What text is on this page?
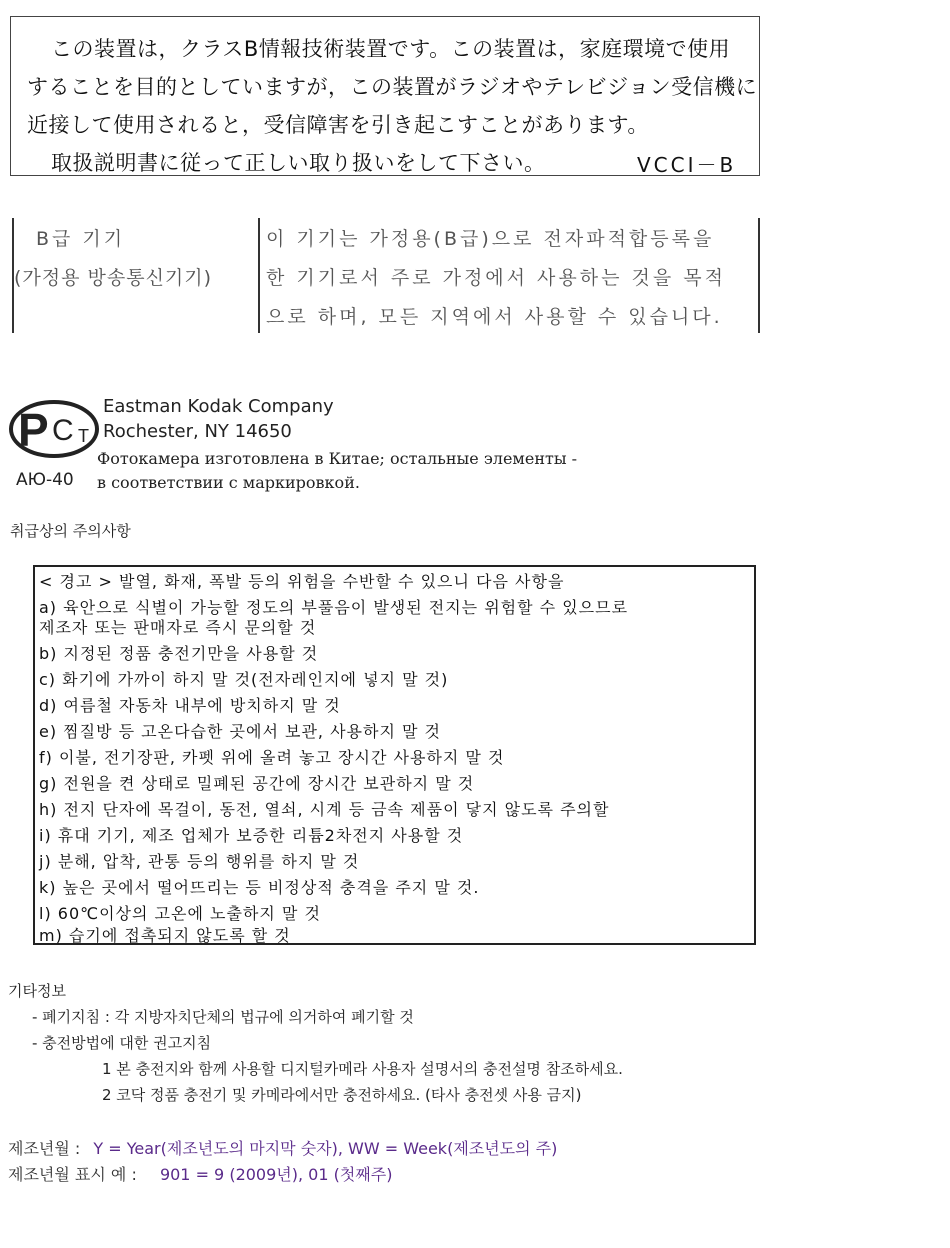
この装置は，クラスB情報技術装置です。この装置は，家庭環境で使用
することを目的としていますが，この装置がラジオやテレビジョン受信機に
近接して使用されると，受信障害を引き起こすことがあります。
取扱説明書に従って正しい取り扱いをして下さい。	VCCI－B
B급 기기
(가정용 방송통신기기)
이 기기는 가정용(B급)으로 전자파적합등록을
한 기기로서 주로 가정에서 사용하는 것을 목적
으로 하며, 모든 지역에서 사용할 수 있습니다.
P C T
Eastman Kodak Company
Rochester, NY 14650
Фотокамера изготовлена в Китае; остальные элементы -
в соответствии с маркировкой.
АЮ-40
취급상의 주의사항
< 경고 > 발열, 화재, 폭발 등의 위험을 수반할 수 있으니 다음 사항을
a) 육안으로 식별이 가능할 정도의 부풀음이 발생된 전지는 위험할 수 있으므로
제조자 또는 판매자로 즉시 문의할 것
b) 지정된 정품 충전기만을 사용할 것
c) 화기에 가까이 하지 말 것(전자레인지에 넣지 말 것)
d) 여름철 자동차 내부에 방치하지 말 것
e) 찜질방 등 고온다습한 곳에서 보관, 사용하지 말 것
f) 이불, 전기장판, 카펫 위에 올려 놓고 장시간 사용하지 말 것
g) 전원을 켠 상태로 밀폐된 공간에 장시간 보관하지 말 것
h) 전지 단자에 목걸이, 동전, 열쇠, 시계 등 금속 제품이 닿지 않도록 주의할
i) 휴대 기기, 제조 업체가 보증한 리튬2차전지 사용할 것
j) 분해, 압착, 관통 등의 행위를 하지 말 것
k) 높은 곳에서 떨어뜨리는 등 비정상적 충격을 주지 말 것.
l) 60℃이상의 고온에 노출하지 말 것
m) 습기에 접촉되지 않도록 할 것
기타정보
- 폐기지침 : 각 지방자치단체의 법규에 의거하여 폐기할 것
- 충전방법에 대한 권고지침
1 본 충전지와 함께 사용할 디지털카메라 사용자 설명서의 충전설명 참조하세요.
2 코닥 정품 충전기 및 카메라에서만 충전하세요. (타사 충전셋 사용 금지)
제조년월 : Y = Year(제조년도의 마지막 숫자), WW = Week(제조년도의 주)
제조년월 표시 예 : 901 = 9 (2009년), 01 (첫째주)
